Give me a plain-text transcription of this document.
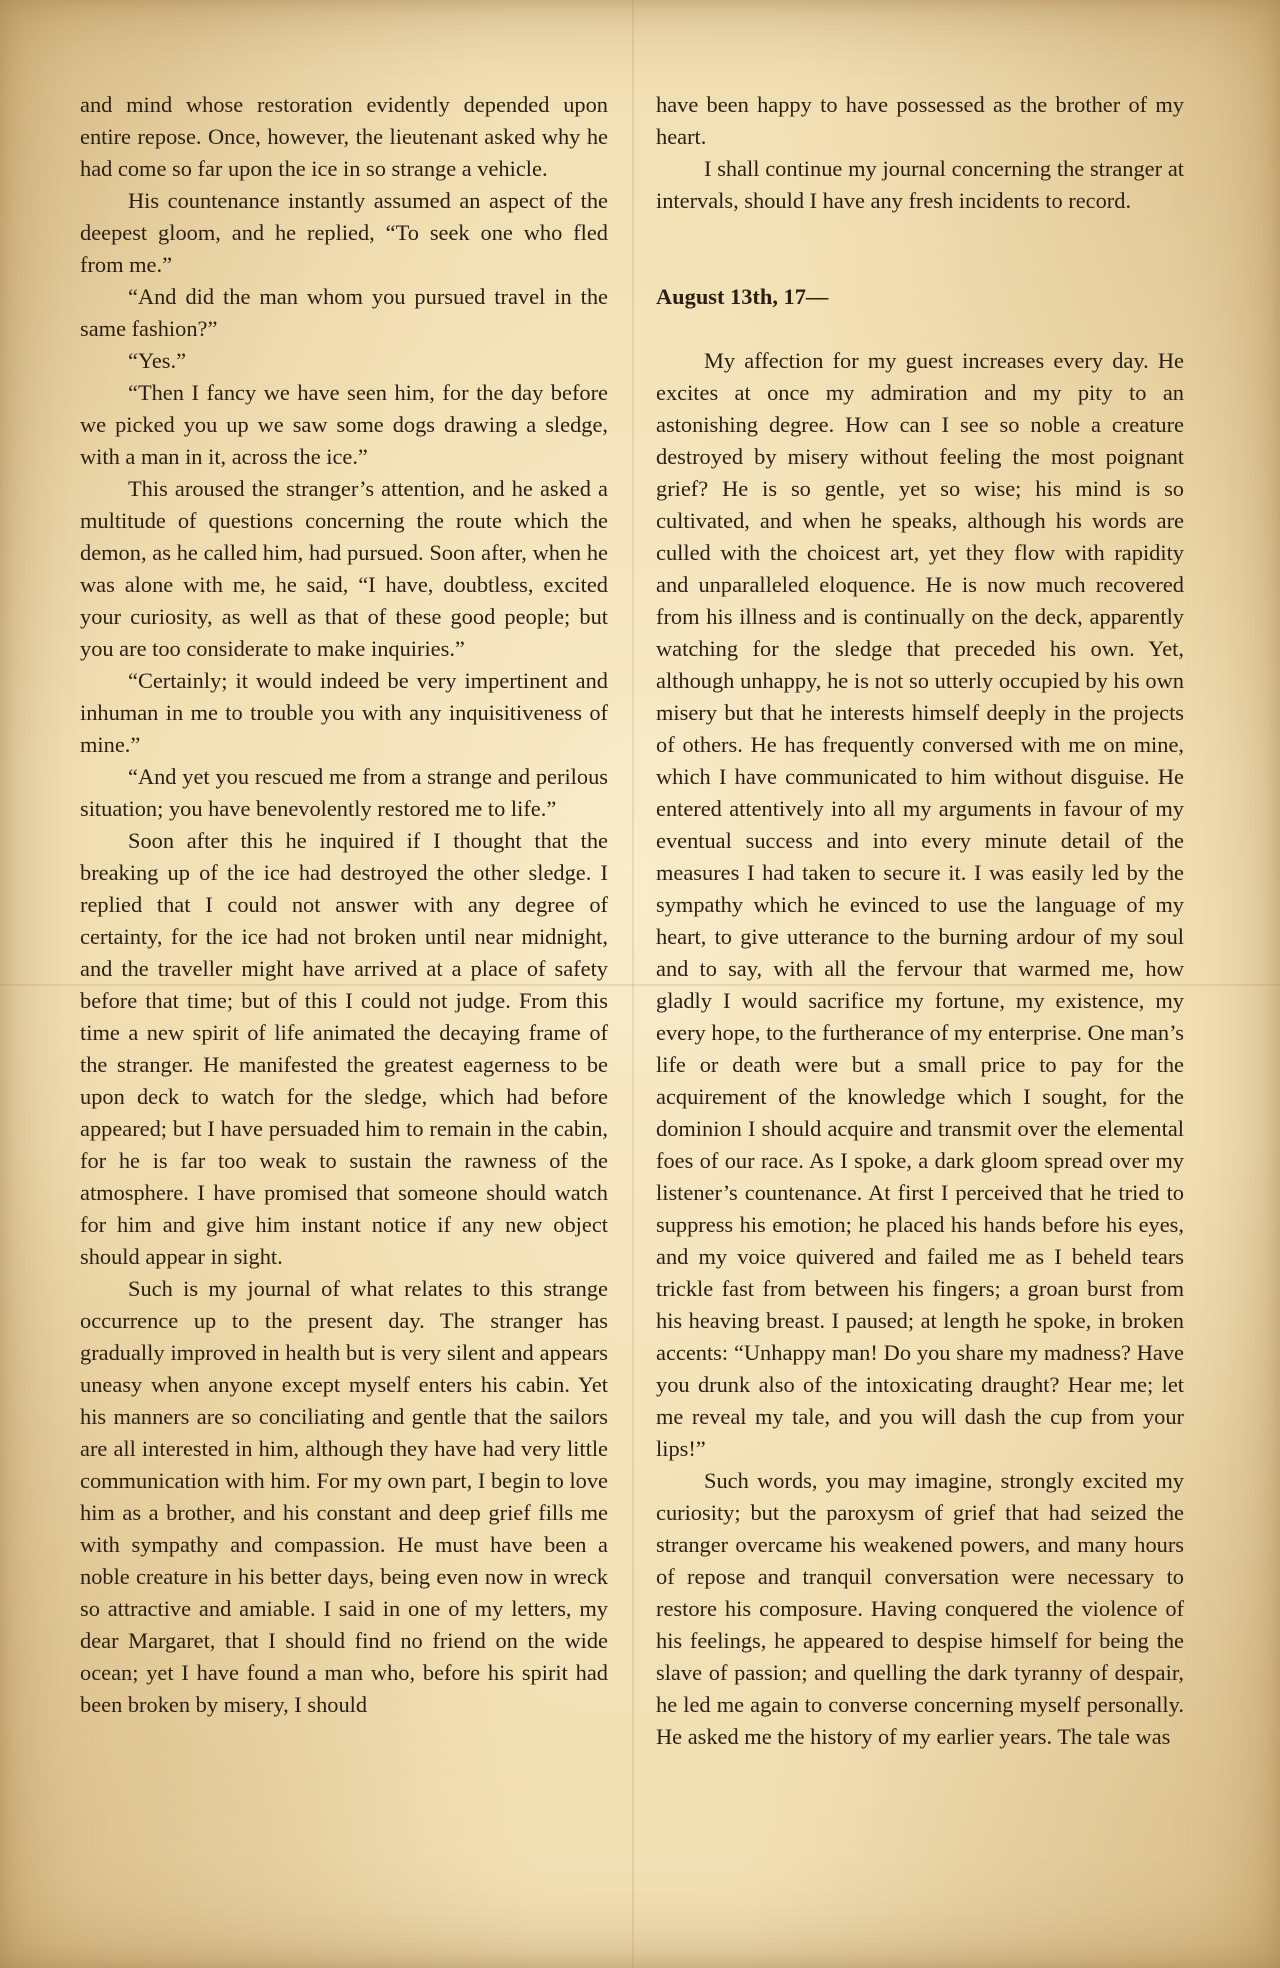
and mind whose restoration evidently depended upon entire repose. Once, however, the lieutenant asked why he had come so far upon the ice in so strange a vehicle.

His countenance instantly assumed an aspect of the deepest gloom, and he replied, “To seek one who fled from me.”

“And did the man whom you pursued travel in the same fashion?”

“Yes.”

“Then I fancy we have seen him, for the day before we picked you up we saw some dogs drawing a sledge, with a man in it, across the ice.”

This aroused the stranger’s attention, and he asked a multitude of questions concerning the route which the demon, as he called him, had pursued. Soon after, when he was alone with me, he said, “I have, doubtless, excited your curiosity, as well as that of these good people; but you are too considerate to make inquiries.”

“Certainly; it would indeed be very impertinent and inhuman in me to trouble you with any inquisitiveness of mine.”

“And yet you rescued me from a strange and perilous situation; you have benevolently restored me to life.”

Soon after this he inquired if I thought that the breaking up of the ice had destroyed the other sledge. I replied that I could not answer with any degree of certainty, for the ice had not broken until near midnight, and the traveller might have arrived at a place of safety before that time; but of this I could not judge. From this time a new spirit of life animated the decaying frame of the stranger. He manifested the greatest eagerness to be upon deck to watch for the sledge, which had before appeared; but I have persuaded him to remain in the cabin, for he is far too weak to sustain the rawness of the atmosphere. I have promised that someone should watch for him and give him instant notice if any new object should appear in sight.

Such is my journal of what relates to this strange occurrence up to the present day. The stranger has gradually improved in health but is very silent and appears uneasy when anyone except myself enters his cabin. Yet his manners are so conciliating and gentle that the sailors are all interested in him, although they have had very little communication with him. For my own part, I begin to love him as a brother, and his constant and deep grief fills me with sympathy and compassion. He must have been a noble creature in his better days, being even now in wreck so attractive and amiable. I said in one of my letters, my dear Margaret, that I should find no friend on the wide ocean; yet I have found a man who, before his spirit had been broken by misery, I should

have been happy to have possessed as the brother of my heart.

I shall continue my journal concerning the stranger at intervals, should I have any fresh incidents to record.

August 13th, 17—

My affection for my guest increases every day. He excites at once my admiration and my pity to an astonishing degree. How can I see so noble a creature destroyed by misery without feeling the most poignant grief? He is so gentle, yet so wise; his mind is so cultivated, and when he speaks, although his words are culled with the choicest art, yet they flow with rapidity and unparalleled eloquence. He is now much recovered from his illness and is continually on the deck, apparently watching for the sledge that preceded his own. Yet, although unhappy, he is not so utterly occupied by his own misery but that he interests himself deeply in the projects of others. He has frequently conversed with me on mine, which I have communicated to him without disguise. He entered attentively into all my arguments in favour of my eventual success and into every minute detail of the measures I had taken to secure it. I was easily led by the sympathy which he evinced to use the language of my heart, to give utterance to the burning ardour of my soul and to say, with all the fervour that warmed me, how gladly I would sacrifice my fortune, my existence, my every hope, to the furtherance of my enterprise. One man’s life or death were but a small price to pay for the acquirement of the knowledge which I sought, for the dominion I should acquire and transmit over the elemental foes of our race. As I spoke, a dark gloom spread over my listener’s countenance. At first I perceived that he tried to suppress his emotion; he placed his hands before his eyes, and my voice quivered and failed me as I beheld tears trickle fast from between his fingers; a groan burst from his heaving breast. I paused; at length he spoke, in broken accents: “Unhappy man! Do you share my madness? Have you drunk also of the intoxicating draught? Hear me; let me reveal my tale, and you will dash the cup from your lips!”

Such words, you may imagine, strongly excited my curiosity; but the paroxysm of grief that had seized the stranger overcame his weakened powers, and many hours of repose and tranquil conversation were necessary to restore his composure. Having conquered the violence of his feelings, he appeared to despise himself for being the slave of passion; and quelling the dark tyranny of despair, he led me again to converse concerning myself personally. He asked me the history of my earlier years. The tale was
